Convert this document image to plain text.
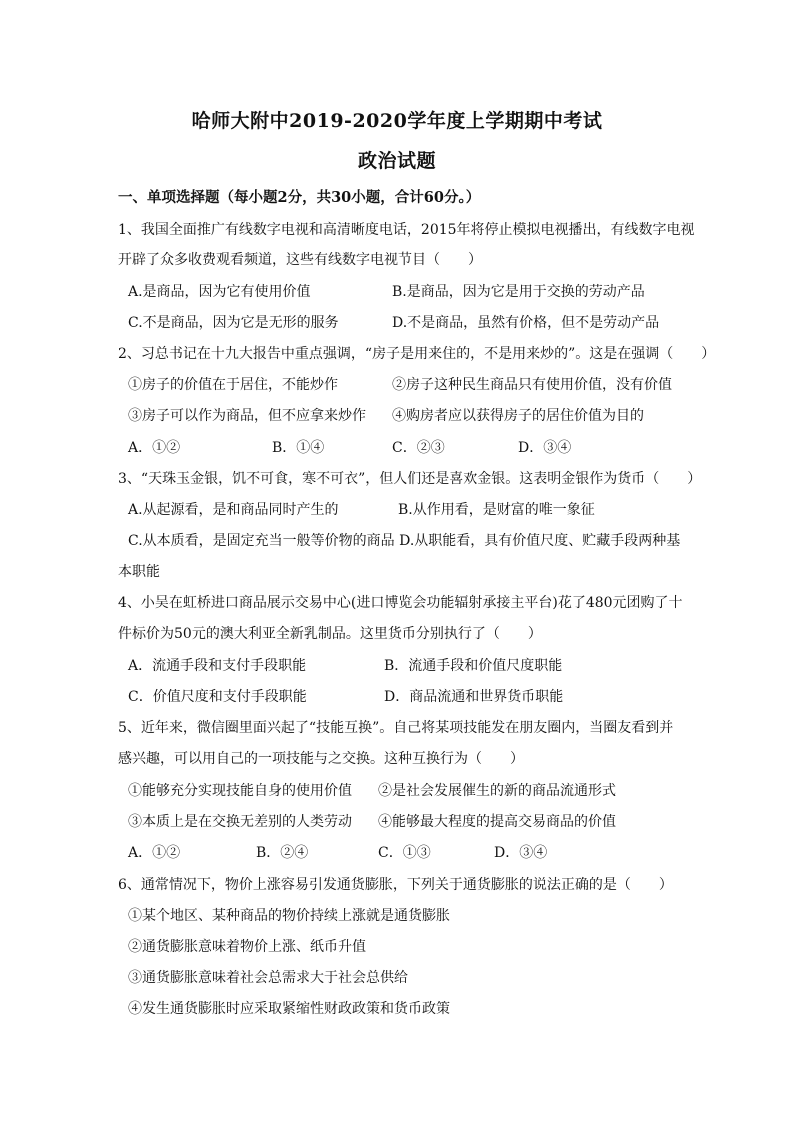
哈师大附中2019-2020学年度上学期期中考试
政治试题
一、单项选择题（每小题2分，共30小题，合计60分。）
1、我国全面推广有线数字电视和高清晰度电话，2015年将停止模拟电视播出，有线数字电视
开辟了众多收费观看频道，这些有线数字电视节目（　　）
A.是商品，因为它有使用价值	B.是商品，因为它是用于交换的劳动产品
C.不是商品，因为它是无形的服务	D.不是商品，虽然有价格，但不是劳动产品
2、习总书记在十九大报告中重点强调，“房子是用来住的，不是用来炒的”。这是在强调（　　）
①房子的价值在于居住，不能炒作	②房子这种民生商品只有使用价值，没有价值
③房子可以作为商品，但不应拿来炒作 ④购房者应以获得房子的居住价值为目的
A．①②	B．①④	C．②③	D．③④
3、“天珠玉金银，饥不可食，寒不可衣”，但人们还是喜欢金银。这表明金银作为货币（　　）
A.从起源看，是和商品同时产生的	B.从作用看，是财富的唯一象征
C.从本质看，是固定充当一般等价物的商品 D.从职能看，具有价值尺度、贮藏手段两种基
本职能
4、小吴在虹桥进口商品展示交易中心(进口博览会功能辐射承接主平台)花了480元团购了十
件标价为50元的澳大利亚全新乳制品。这里货币分别执行了（　　）
A．流通手段和支付手段职能	B．流通手段和价值尺度职能
C．价值尺度和支付手段职能	D．商品流通和世界货币职能
5、近年来，微信圈里面兴起了“技能互换”。自己将某项技能发在朋友圈内，当圈友看到并
感兴趣，可以用自己的一项技能与之交换。这种互换行为（　　）
①能够充分实现技能自身的使用价值 ②是社会发展催生的新的商品流通形式
③本质上是在交换无差别的人类劳动 ④能够最大程度的提高交易商品的价值
A．①②	B．②④	C．①③	D．③④
6、通常情况下，物价上涨容易引发通货膨胀，下列关于通货膨胀的说法正确的是（　　）
①某个地区、某种商品的物价持续上涨就是通货膨胀
②通货膨胀意味着物价上涨、纸币升值
③通货膨胀意味着社会总需求大于社会总供给
④发生通货膨胀时应采取紧缩性财政政策和货币政策
